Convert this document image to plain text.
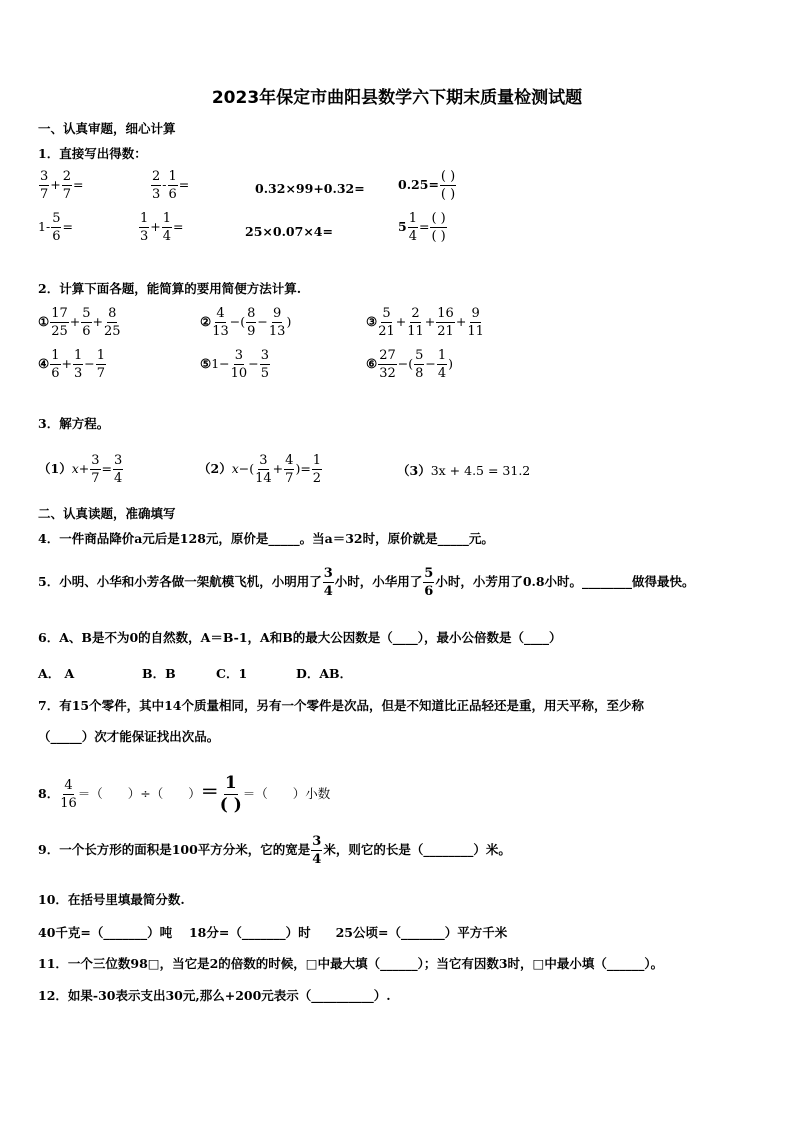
2023年保定市曲阳县数学六下期末质量检测试题
一、认真审题，细心计算
1．直接写出得数：
$\frac{3}{7} + \frac{2}{7}$ =	$\frac{2}{3} - \frac{1}{6}$ =	0.32×99+0.32=	$0.25= \frac{( )}{( )}$
$1- \frac{5}{6}$ =	$\frac{1}{3} + \frac{1}{4}$ =	25×0.07×4=	$5 \frac{1}{4} = \frac{( )}{( )}$
2．计算下面各题，能简算的要用简便方法计算.
① $\frac{17}{25} + \frac{5}{6} + \frac{8}{25}$	② $\frac{4}{13}$ −( $\frac{8}{9} - \frac{9}{13}$ )	③ $\frac{5}{21} + \frac{2}{11} + \frac{16}{21} + \frac{9}{11}$
④ $\frac{1}{6} + \frac{1}{3} - \frac{1}{7}$	⑤1− $\frac{3}{10} - \frac{3}{5}$	⑥ $\frac{27}{32}$ −( $\frac{5}{8} - \frac{1}{4}$ )
3．解方程。
$(1)x+ \frac{3}{7} = \frac{3}{4}$	$(2)x-( \frac{3}{14} + \frac{4}{7}$ )= $\frac{1}{2}$	（3）3x + 4.5 = 31.2
二、认真读题，准确填写
4．一件商品降价a元后是128元，原价是_____。当a＝32时，原价就是_____元。
5．小明、小华和小芳各做一架航模飞机，小明用了 $\frac{3}{4}$ 小时，小华用了 $\frac{5}{6}$ 小时，小芳用了0.8小时。________做得最快。
6．A、B是不为0的自然数，A＝B-1，A和B的最大公因数是（____），最小公倍数是（____）
A． A	B．B	C．1	D．AB．
7．有15个零件，其中14个质量相同，另有一个零件是次品，但是不知道比正品轻还是重，用天平称，至少称
（_____）次才能保证找出次品。
8． $\frac{4}{16}$ ＝（　　）÷（　　）＝ $\frac{1}{( )}$ ＝（　　）小数
9．一个长方形的面积是100平方分米，它的宽是 $\frac{3}{4}$ 米，则它的长是（________）米。
10．在括号里填最简分数.
40千克=（_______）吨　 18分=（_______）时　　25公顷=（_______）平方千米
11．一个三位数98□，当它是2的倍数的时候，□中最大填（______）；当它有因数3时，□中最小填（______）。
12．如果-30表示支出30元,那么+200元表示（__________）.
